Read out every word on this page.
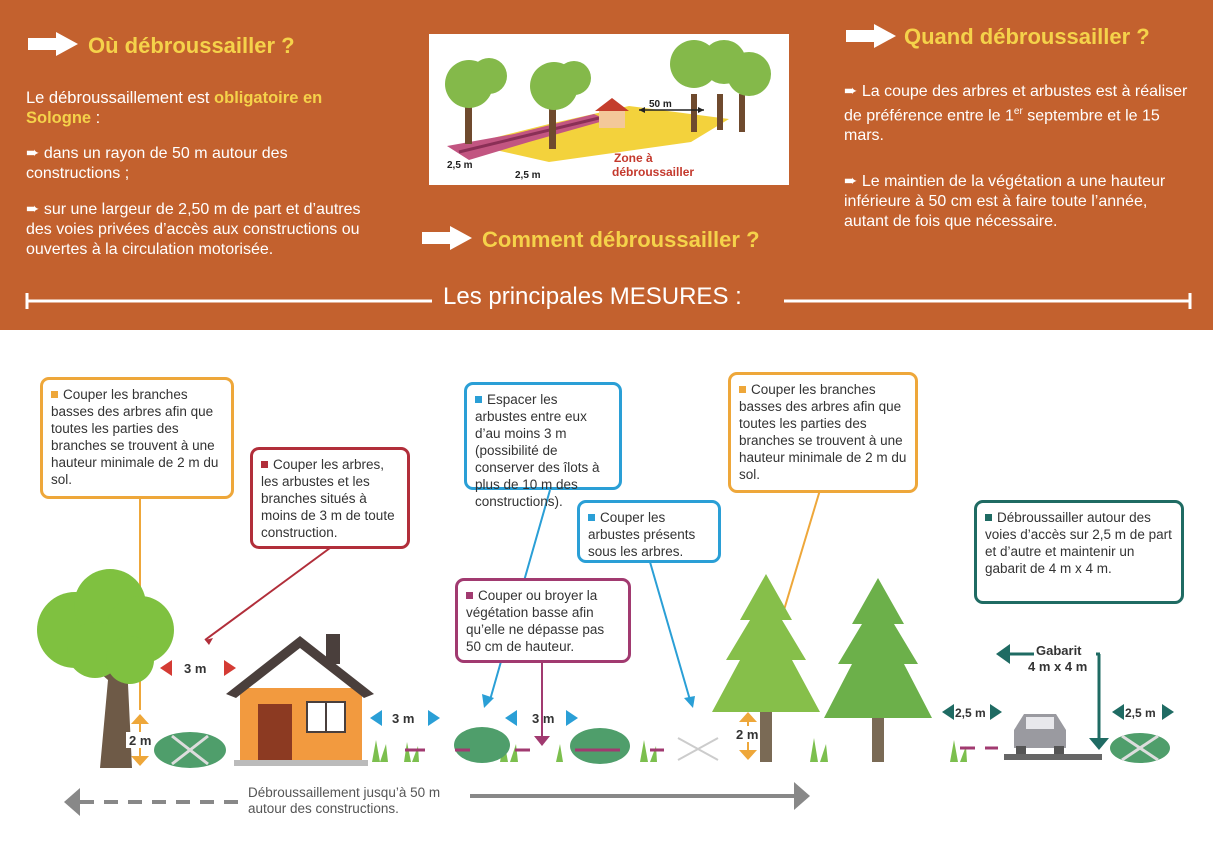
Où débroussailler ?
Le débroussaillement est obligatoire en Sologne :
➨ dans un rayon de 50 m autour des constructions ;
➨ sur une largeur de 2,50 m de part et d’autres des voies privées d’accès aux constructions ou ouvertes à la circulation motorisée.	Comment débroussailler ?
Quand débroussailler ?
➨ La coupe des arbres et arbustes est à réaliser de préférence entre le 1er septembre et le 15 mars.
➨ Le maintien de la végétation a une hauteur inférieure à 50 cm est à faire toute l’année, autant de fois que nécessaire.
Les principales MESURES :
50 m
2,5 m
2,5 m
Zone à
débroussailler
2 m
3 m
3 m	3 m
2 m
2,5 m	2,5 m
Gabarit
4 m x 4 m
Débroussaillement jusqu’à 50 m autour des constructions.
Couper les branches basses des arbres afin que toutes les parties des branches se trouvent à une hauteur minimale de 2 m du sol.
Couper les arbres, les arbustes et les branches situés à moins de 3 m de toute construction.
Espacer les arbustes entre eux d’au moins 3 m (possibilité de conserver des îlots à plus de 10 m des constructions).
Couper les arbustes présents sous les arbres.
Couper ou broyer la végétation basse afin qu’elle ne dépasse pas 50 cm de hauteur.
Couper les branches basses des arbres afin que toutes les parties des branches se trouvent à une hauteur minimale de 2 m du sol.
Débroussailler autour des voies d’accès sur 2,5 m de part et d’autre et maintenir un gabarit de 4 m x 4 m.
